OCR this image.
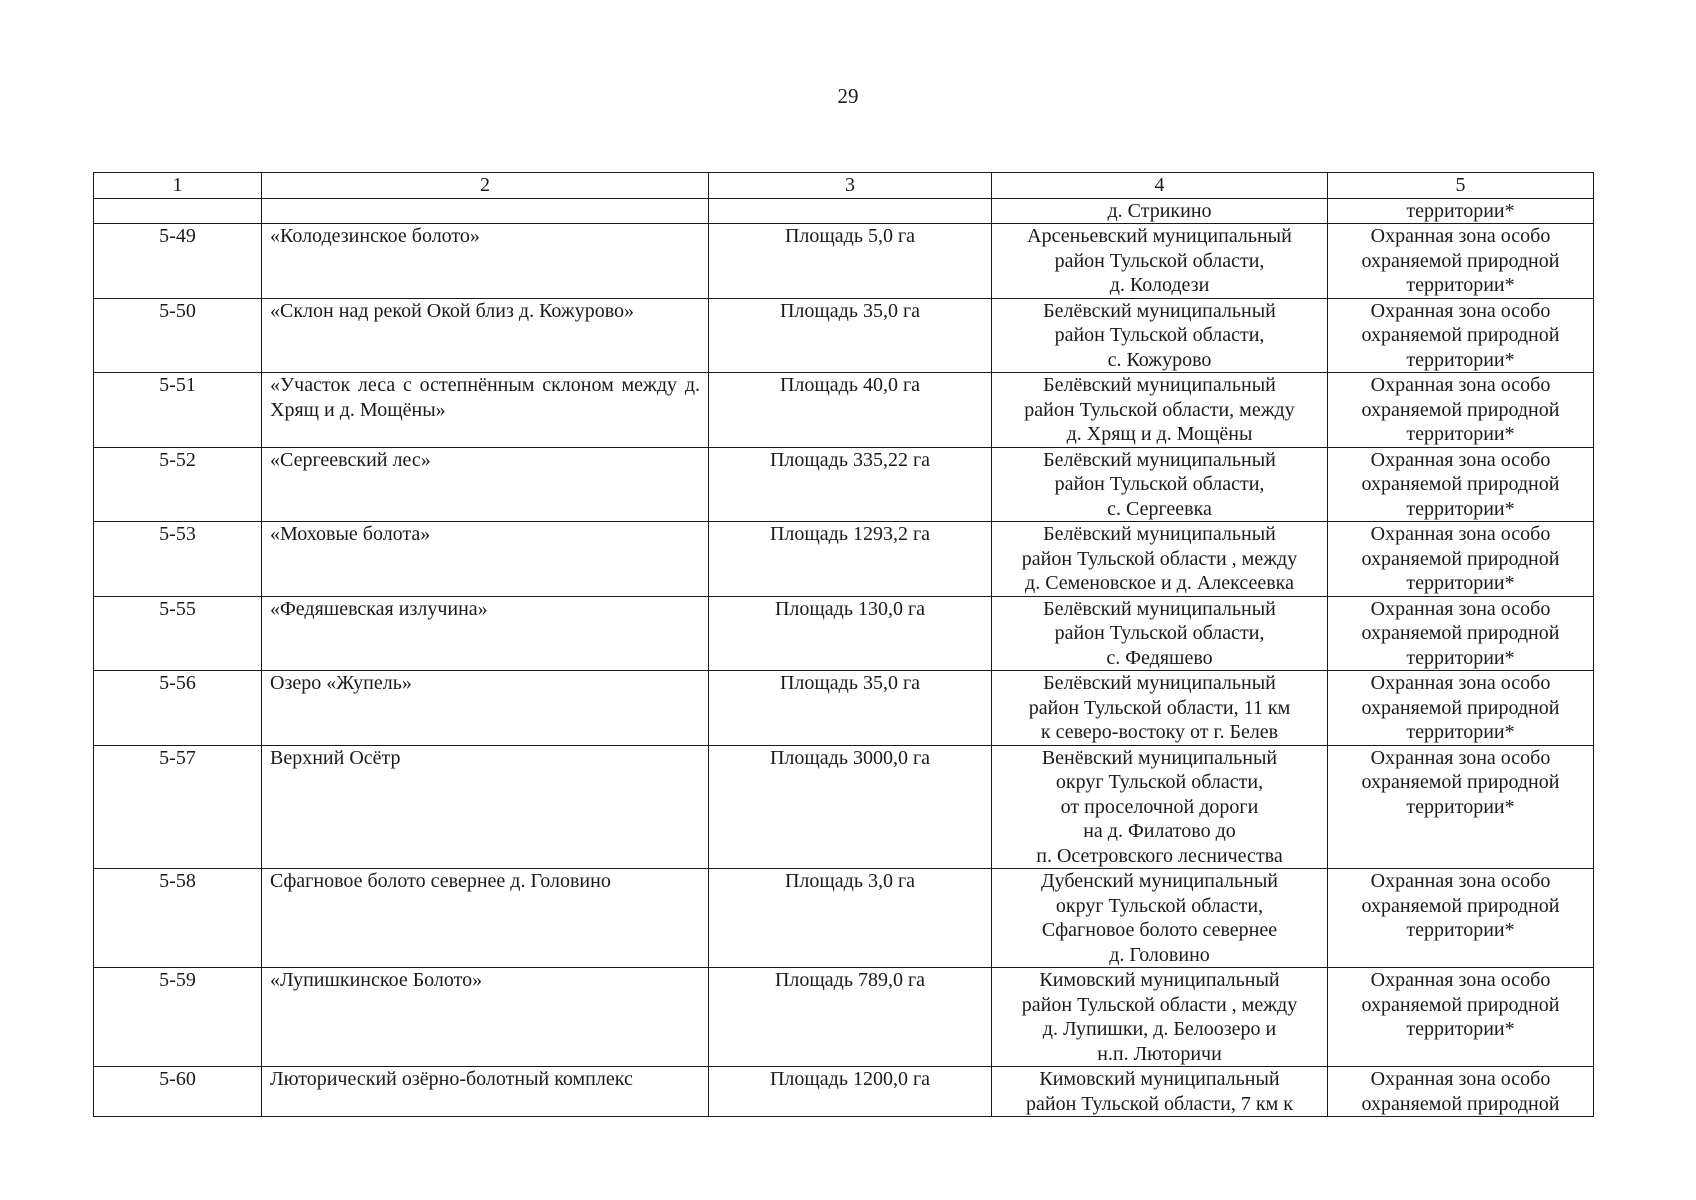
29
1	2	3	4	5
			д. Стрикино	территории*
5-49	«Колодезинское болото»	Площадь 5,0 га	Арсеньевский муниципальный
район Тульской области,
д. Колодези	Охранная зона особо
охраняемой природной
территории*
5-50	«Склон над рекой Окой близ д. Кожурово»	Площадь 35,0 га	Белёвский муниципальный
район Тульской области,
с. Кожурово	Охранная зона особо
охраняемой природной
территории*
5-51	«Участок леса с остепнённым склоном между д. Хрящ и д. Мощёны»	Площадь 40,0 га	Белёвский муниципальный
район Тульской области, между
д. Хрящ и д. Мощёны	Охранная зона особо
охраняемой природной
территории*
5-52	«Сергеевский лес»	Площадь 335,22 га	Белёвский муниципальный
район Тульской области,
с. Сергеевка	Охранная зона особо
охраняемой природной
территории*
5-53	«Моховые болота»	Площадь 1293,2 га	Белёвский муниципальный
район Тульской области , между
д. Семеновское и д. Алексеевка	Охранная зона особо
охраняемой природной
территории*
5-55	«Федяшевская излучина»	Площадь 130,0 га	Белёвский муниципальный
район Тульской области,
с. Федяшево	Охранная зона особо
охраняемой природной
территории*
5-56	Озеро «Жупель»	Площадь 35,0 га	Белёвский муниципальный
район Тульской области, 11 км
к северо-востоку от г. Белев	Охранная зона особо
охраняемой природной
территории*
5-57	Верхний Осётр	Площадь 3000,0 га	Венёвский муниципальный
округ Тульской области,
от проселочной дороги
на д. Филатово до
п. Осетровского лесничества	Охранная зона особо
охраняемой природной
территории*
5-58	Сфагновое болото севернее д. Головино	Площадь 3,0 га	Дубенский муниципальный
округ Тульской области,
Сфагновое болото севернее
д. Головино	Охранная зона особо
охраняемой природной
территории*
5-59	«Лупишкинское Болото»	Площадь 789,0 га	Кимовский муниципальный
район Тульской области , между
д. Лупишки, д. Белоозеро и
н.п. Люторичи	Охранная зона особо
охраняемой природной
территории*
5-60	Люторический озёрно-болотный комплекс	Площадь 1200,0 га	Кимовский муниципальный
район Тульской области, 7 км к	Охранная зона особо
охраняемой природной
